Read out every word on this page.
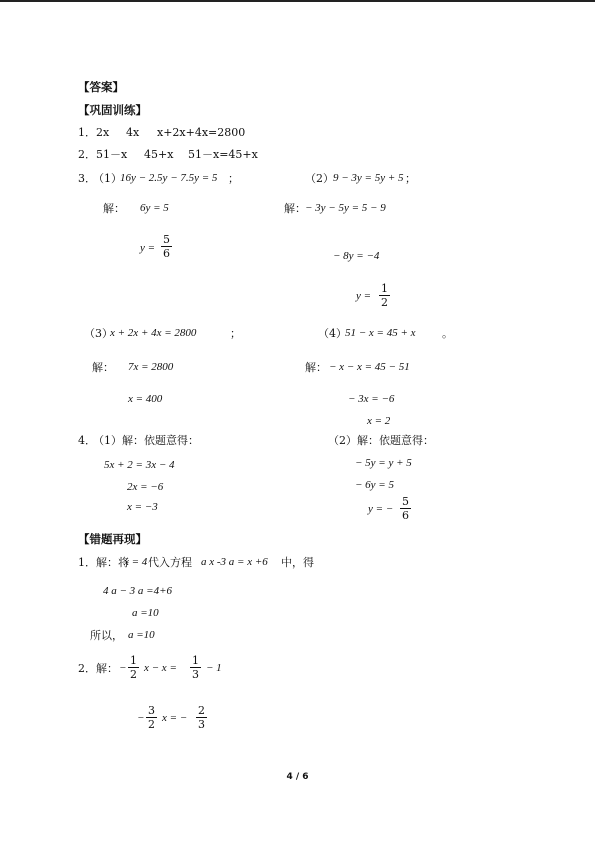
【答案】
【巩固训练】
1． 2x 4x x+2x+4x=2800
2． 51－x 45+x 51－x=45+x
3．
（1）
16y − 2.5y − 7.5y = 5 ；
解： 6y = 5
$y = \frac{5}{6}$
（2） 9 − 3y = 5y + 5 ；
解： − 3y − 5y = 5 − 9
− 8y = −4
$y = \frac{1}{2}$
（3）
x + 2x + 4x = 2800	；
解： 7x = 2800
x = 400
（4）
51 − x = 45 + x 。
解： − x − x = 45 − 51
− 3x = −6
x = 2
4．
（1）解：依题意得：
5x + 2 = 3x − 4
2x = −6
x = −3
（2）解：依题意得：
− 5y = y + 5
− 6y = 5
y = − $\frac{5}{6}$
【错题再现】
1． 解：将
x = 4 代入方程 a x -3 a = x +6 中，得
4 a − 3 a =4+6
a =10
所以， a =10
2． 解： − $\frac{1}{2}$ $x - x = \frac{1}{3} - 1$
− $\frac{3}{2}$ x = − $\frac{2}{3}$
4 / 6
